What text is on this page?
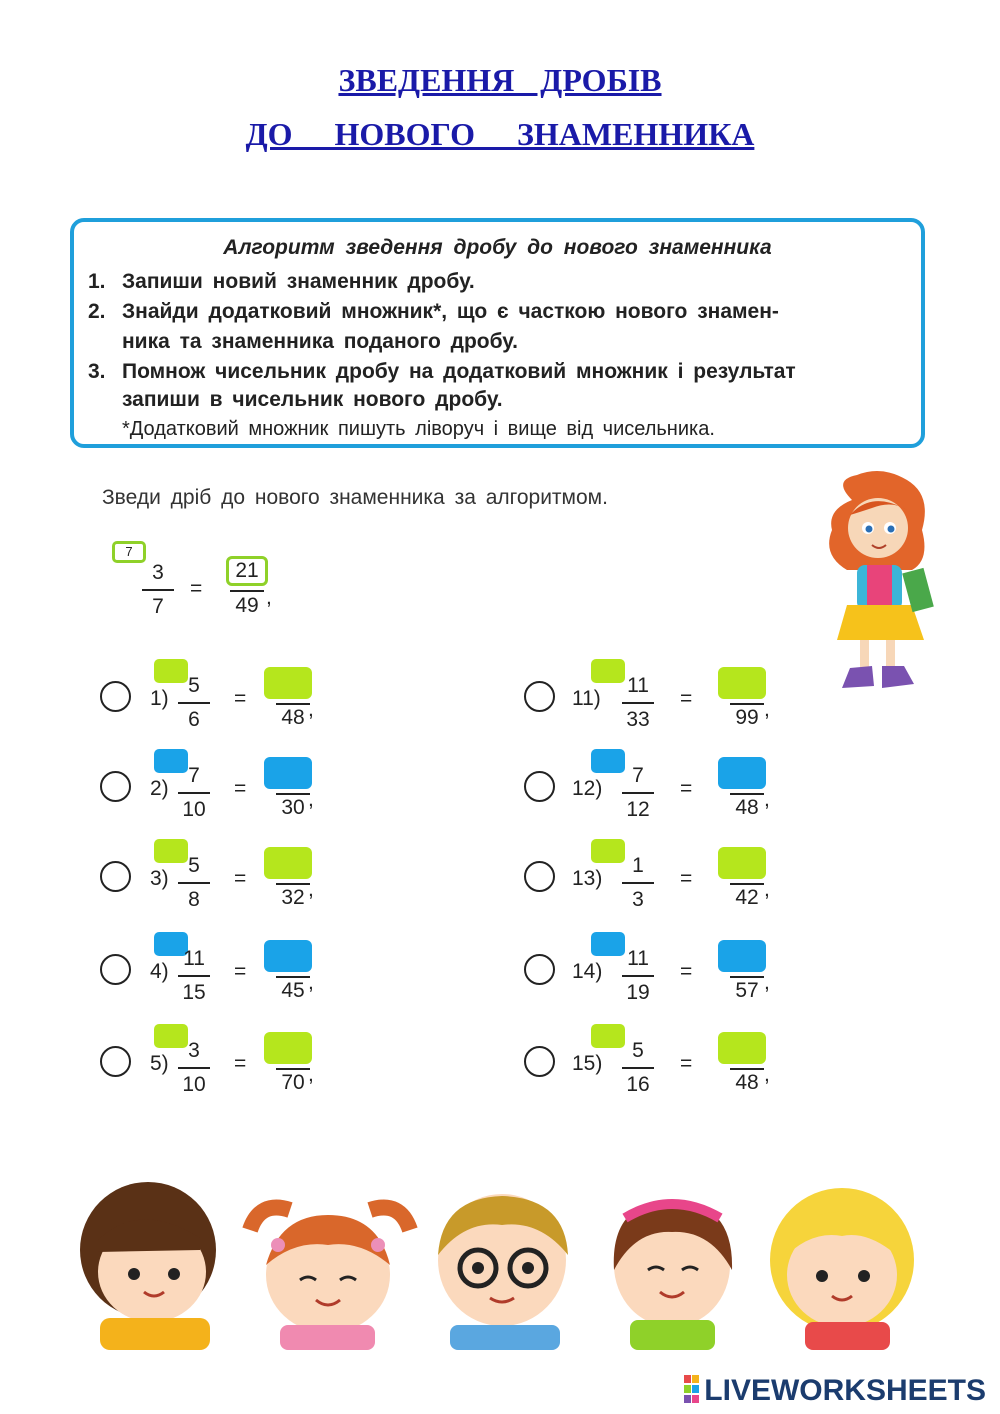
ЗВЕДЕННЯ ДРОБІВ
ДО НОВОГО ЗНАМЕННИКА
Алгоритм зведення дробу до нового знаменника
1. Запиши новий знаменник дробу.
2. Знайди додатковий множник*, що є часткою нового знамен-
ника та знаменника поданого дробу.
3. Помнож чисельник дробу на додатковий множник і результат
запиши в чисельник нового дробу.
*Додатковий множник пишуть ліворуч і вище від чисельника.
Зведи дріб до нового знаменника за алгоритмом.
7
3
7
=
21
49 ,
1)
5
6
=
48 ,
2)
7
10
=
30 ,
3)
5
8
=
32 ,
4)
11
15
=
45 ,
5)
3
10
=
70 ,
11)
11
33
=
99 ,
12)
7
12
=
48 ,
13)
1
3
=
42 ,
14)
11
19
=
57 ,
15)
5
16
=
48 ,
LIVEWORKSHEETS
